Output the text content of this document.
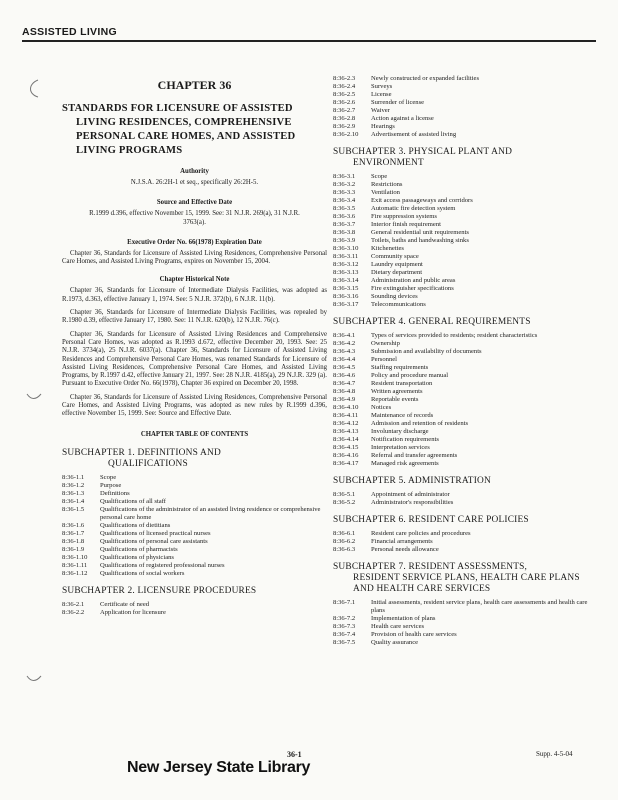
ASSISTED LIVING
CHAPTER 36
STANDARDS FOR LICENSURE OF ASSISTED LIVING RESIDENCES, COMPREHENSIVE PERSONAL CARE HOMES, AND ASSISTED LIVING PROGRAMS
Authority
N.J.S.A. 26:2H-1 et seq., specifically 26:2H-5.
Source and Effective Date
R.1999 d.396, effective November 15, 1999. See: 31 N.J.R. 269(a), 31 N.J.R. 3763(a).
Executive Order No. 66(1978) Expiration Date
Chapter 36, Standards for Licensure of Assisted Living Residences, Comprehensive Personal Care Homes, and Assisted Living Programs, expires on November 15, 2004.
Chapter Historical Note
Chapter 36, Standards for Licensure of Intermediate Dialysis Facilities, was adopted as R.1973, d.363, effective January 1, 1974. See: 5 N.J.R. 372(b), 6 N.J.R. 11(b).
Chapter 36, Standards for Licensure of Intermediate Dialysis Facilities, was repealed by R.1980 d.39, effective January 17, 1980. See: 11 N.J.R. 620(b), 12 N.J.R. 76(c).
Chapter 36, Standards for Licensure of Assisted Living Residences and Comprehensive Personal Care Homes, was adopted as R.1993 d.672, effective December 20, 1993. See: 25 N.J.R. 3734(a), 25 N.J.R. 6037(a). Chapter 36, Standards for Licensure of Assisted Living Residences and Comprehensive Personal Care Homes, was renamed Standards for Licensure of Assisted Living Residences, Comprehensive Personal Care Homes, and Assisted Living Programs, by R.1997 d.42, effective January 21, 1997. See: 28 N.J.R. 4185(a), 29 N.J.R. 329 (a). Pursuant to Executive Order No. 66(1978), Chapter 36 expired on December 20, 1998.
Chapter 36, Standards for Licensure of Assisted Living Residences, Comprehensive Personal Care Homes, and Assisted Living Programs, was adopted as new rules by R.1999 d.396, effective November 15, 1999. See: Source and Effective Date.
CHAPTER TABLE OF CONTENTS
SUBCHAPTER 1. DEFINITIONS AND
QUALIFICATIONS
8:36-1.1	Scope
8:36-1.2	Purpose
8:36-1.3	Definitions
8:36-1.4	Qualifications of all staff
8:36-1.5	Qualifications of the administrator of an assisted living residence or comprehensive personal care home
8:36-1.6	Qualifications of dietitians
8:36-1.7	Qualifications of licensed practical nurses
8:36-1.8	Qualifications of personal care assistants
8:36-1.9	Qualifications of pharmacists
8:36-1.10	Qualifications of physicians
8:36-1.11	Qualifications of registered professional nurses
8:36-1.12	Qualifications of social workers
SUBCHAPTER 2. LICENSURE PROCEDURES
8:36-2.1	Certificate of need
8:36-2.2	Application for licensure
8:36-2.3	Newly constructed or expanded facilities
8:36-2.4	Surveys
8:36-2.5	License
8:36-2.6	Surrender of license
8:36-2.7	Waiver
8:36-2.8	Action against a license
8:36-2.9	Hearings
8:36-2.10	Advertisement of assisted living
SUBCHAPTER 3. PHYSICAL PLANT AND
ENVIRONMENT
8:36-3.1	Scope
8:36-3.2	Restrictions
8:36-3.3	Ventilation
8:36-3.4	Exit access passageways and corridors
8:36-3.5	Automatic fire detection system
8:36-3.6	Fire suppression systems
8:36-3.7	Interior finish requirement
8:36-3.8	General residential unit requirements
8:36-3.9	Toilets, baths and handwashing sinks
8:36-3.10	Kitchenettes
8:36-3.11	Community space
8:36-3.12	Laundry equipment
8:36-3.13	Dietary department
8:36-3.14	Administration and public areas
8:36-3.15	Fire extinguisher specifications
8:36-3.16	Sounding devices
8:36-3.17	Telecommunications
SUBCHAPTER 4. GENERAL REQUIREMENTS
8:36-4.1	Types of services provided to residents; resident characteristics
8:36-4.2	Ownership
8:36-4.3	Submission and availability of documents
8:36-4.4	Personnel
8:36-4.5	Staffing requirements
8:36-4.6	Policy and procedure manual
8:36-4.7	Resident transportation
8:36-4.8	Written agreements
8:36-4.9	Reportable events
8:36-4.10	Notices
8:36-4.11	Maintenance of records
8:36-4.12	Admission and retention of residents
8:36-4.13	Involuntary discharge
8:36-4.14	Notification requirements
8:36-4.15	Interpretation services
8:36-4.16	Referral and transfer agreements
8:36-4.17	Managed risk agreements
SUBCHAPTER 5. ADMINISTRATION
8:36-5.1	Appointment of administrator
8:36-5.2	Administrator's responsibilities
SUBCHAPTER 6. RESIDENT CARE POLICIES
8:36-6.1	Resident care policies and procedures
8:36-6.2	Financial arrangements
8:36-6.3	Personal needs allowance
SUBCHAPTER 7. RESIDENT ASSESSMENTS,
RESIDENT SERVICE PLANS, HEALTH CARE PLANS AND HEALTH CARE SERVICES
8:36-7.1	Initial assessments, resident service plans, health care assessments and health care plans
8:36-7.2	Implementation of plans
8:36-7.3	Health care services
8:36-7.4	Provision of health care services
8:36-7.5	Quality assurance
36-1	Supp. 4-5-04
New Jersey State Library
